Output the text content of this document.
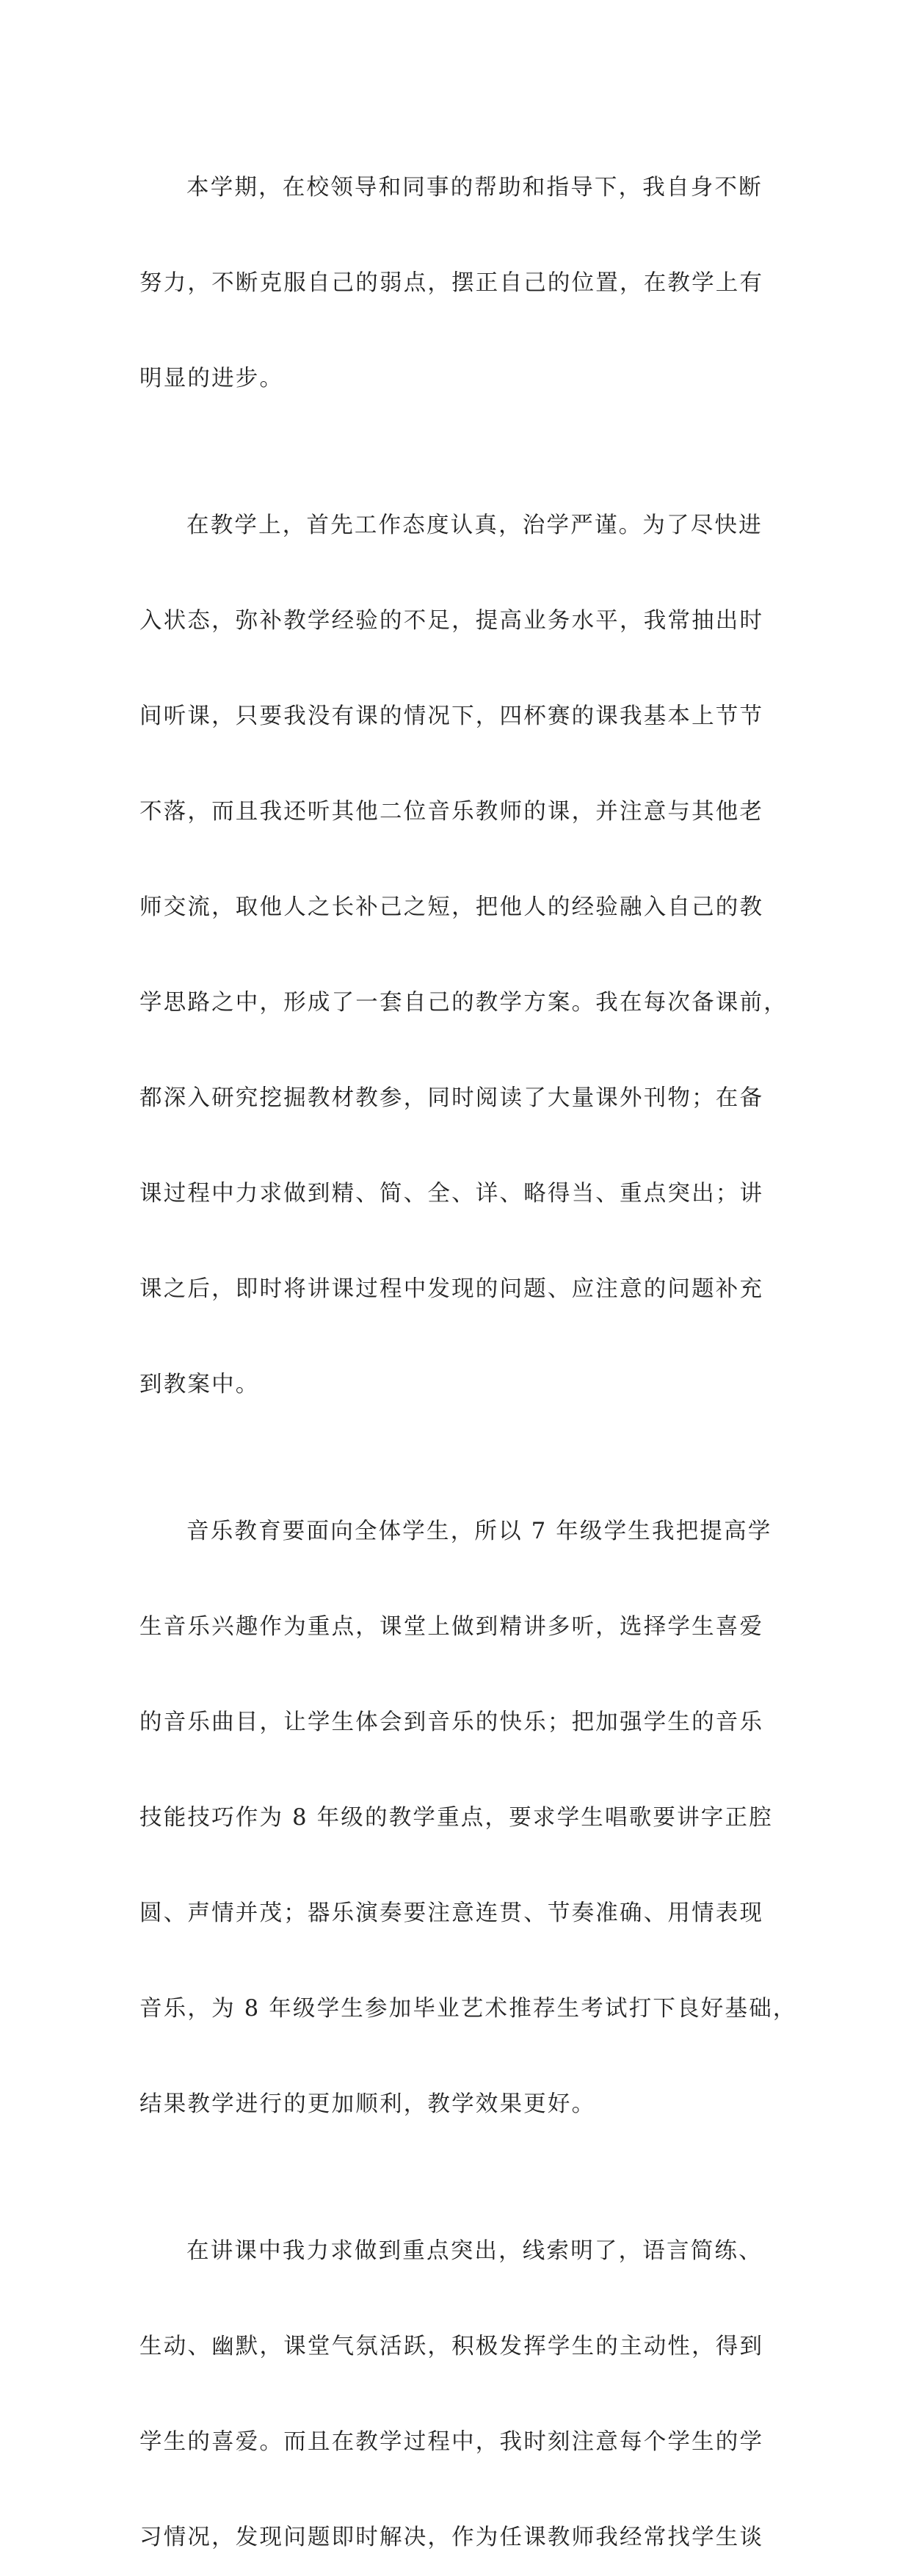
本学期，在校领导和同事的帮助和指导下，我自身不断

努力，不断克服自己的弱点，摆正自己的位置，在教学上有

明显的进步。

在教学上，首先工作态度认真，治学严谨。为了尽快进

入状态，弥补教学经验的不足，提高业务水平，我常抽出时

间听课，只要我没有课的情况下，四杯赛的课我基本上节节

不落，而且我还听其他二位音乐教师的课，并注意与其他老

师交流，取他人之长补己之短，把他人的经验融入自己的教

学思路之中，形成了一套自己的教学方案。我在每次备课前，

都深入研究挖掘教材教参，同时阅读了大量课外刊物；在备

课过程中力求做到精、简、全、详、略得当、重点突出；讲

课之后，即时将讲课过程中发现的问题、应注意的问题补充

到教案中。

音乐教育要面向全体学生，所以 7 年级学生我把提高学

生音乐兴趣作为重点，课堂上做到精讲多听，选择学生喜爱

的音乐曲目，让学生体会到音乐的快乐；把加强学生的音乐

技能技巧作为 8 年级的教学重点，要求学生唱歌要讲字正腔

圆、声情并茂；器乐演奏要注意连贯、节奏准确、用情表现

音乐，为 8 年级学生参加毕业艺术推荐生考试打下良好基础，

结果教学进行的更加顺利，教学效果更好。

在讲课中我力求做到重点突出，线索明了，语言简练、

生动、幽默，课堂气氛活跃，积极发挥学生的主动性，得到

学生的喜爱。而且在教学过程中，我时刻注意每个学生的学

习情况，发现问题即时解决，作为任课教师我经常找学生谈
